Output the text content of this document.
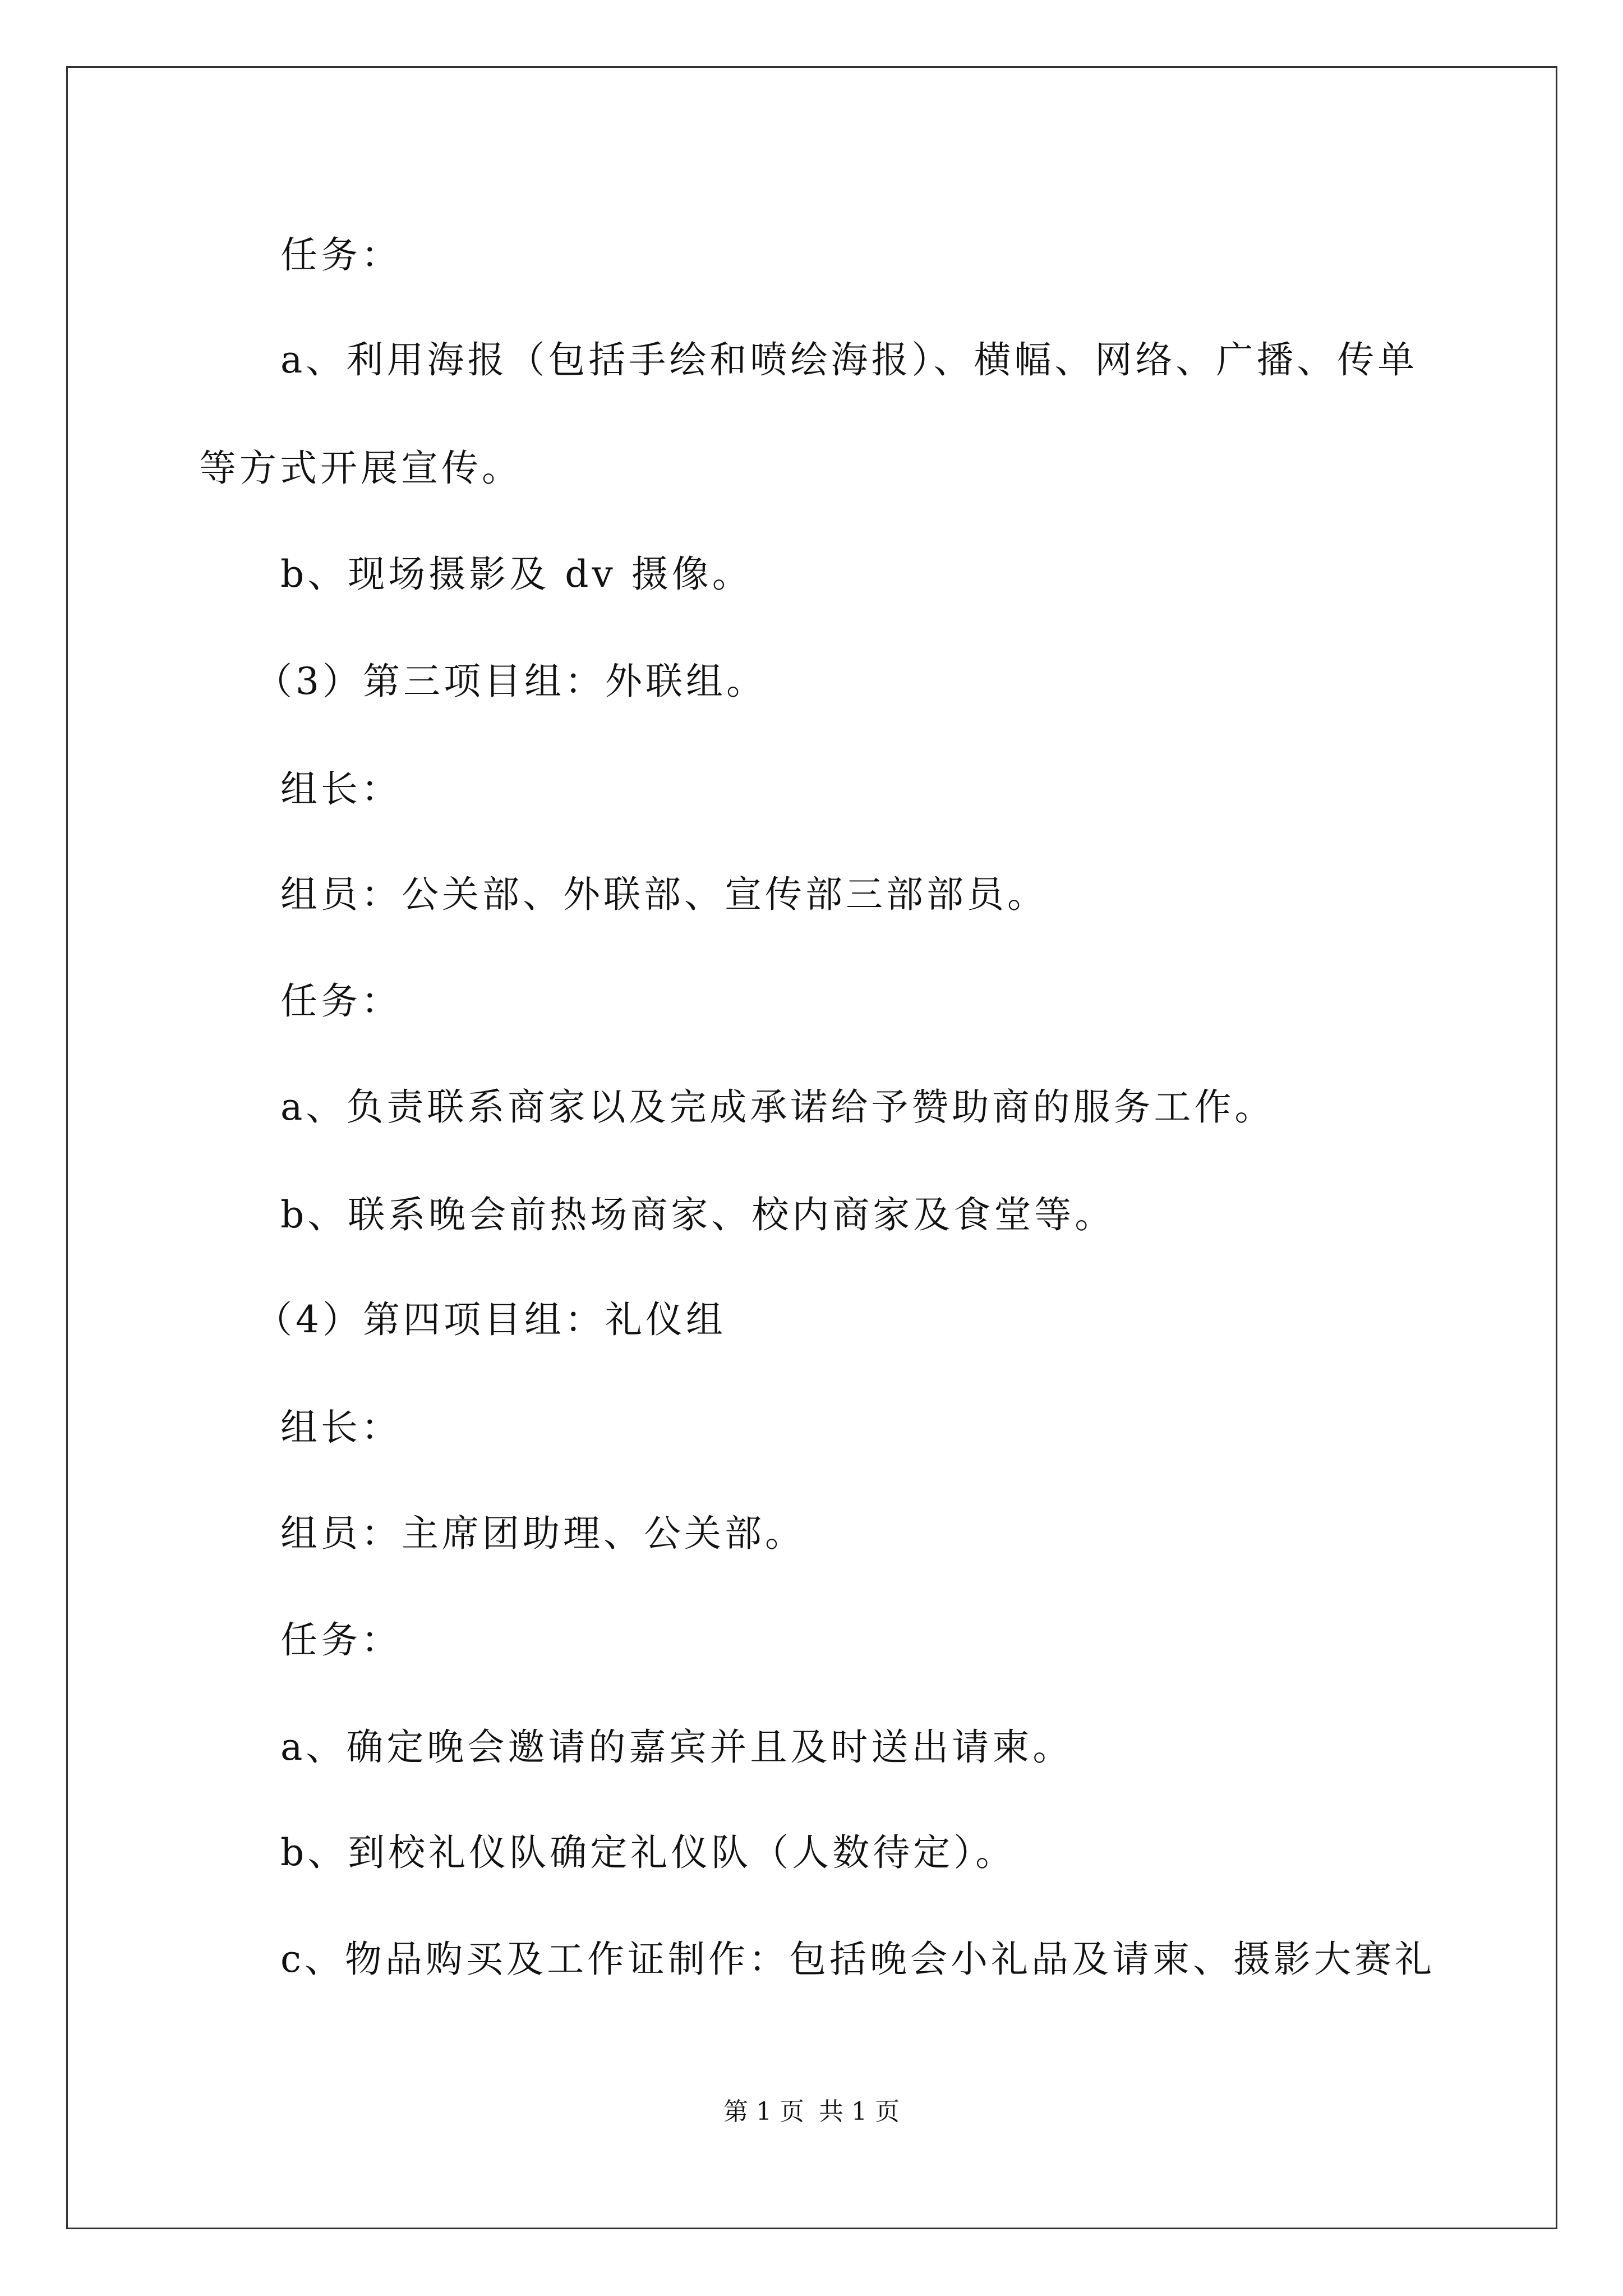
任务：
a、利用海报（包括手绘和喷绘海报）、横幅、网络、广播、传单
等方式开展宣传。
b、现场摄影及 dv 摄像。
（3）第三项目组：外联组。
组长：
组员：公关部、外联部、宣传部三部部员。
任务：
a、负责联系商家以及完成承诺给予赞助商的服务工作。
b、联系晚会前热场商家、校内商家及食堂等。
（4）第四项目组：礼仪组
组长：
组员：主席团助理、公关部。
任务：
a、确定晚会邀请的嘉宾并且及时送出请柬。
b、到校礼仪队确定礼仪队（人数待定）。
c、物品购买及工作证制作：包括晚会小礼品及请柬、摄影大赛礼
第 1 页 共 1 页
